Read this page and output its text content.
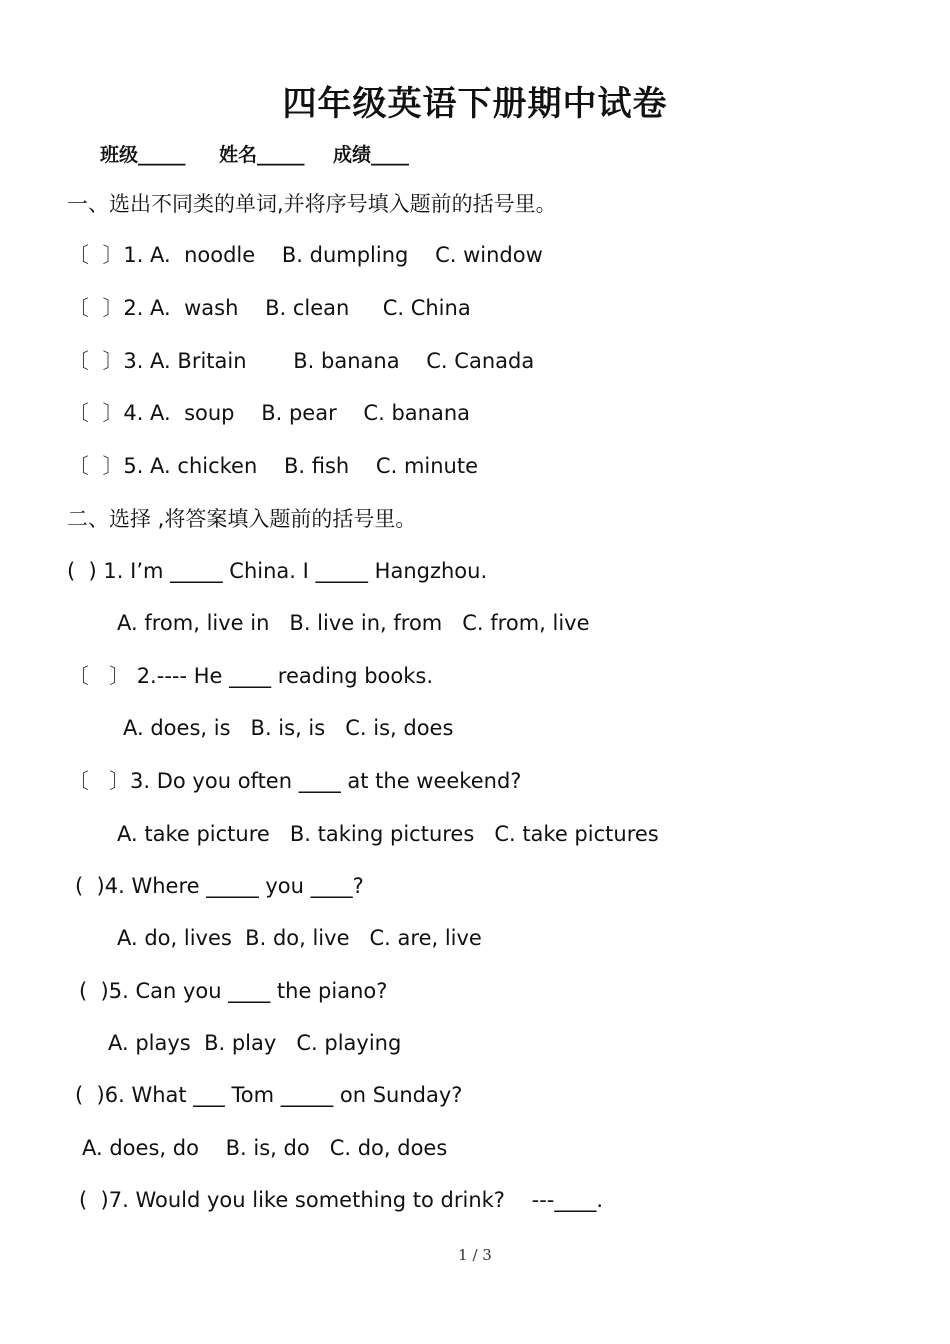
四年级英语下册期中试卷
班级_____ 姓名_____ 成绩____
一、选出不同类的单词,并将序号填入题前的括号里。
〔  〕1. A.  noodle    B. dumpling    C. window
〔  〕2. A.  wash    B. clean     C. China
〔  〕3. A. Britain       B. banana    C. Canada
〔  〕4. A.  soup    B. pear    C. banana
〔  〕5. A. chicken    B. fish    C. minute
二、选择 ,将答案填入题前的括号里。
(  ) 1. I’m _____ China. I _____ Hangzhou.
A. from, live in   B. live in, from   C. from, live
〔   〕 2.---- He ____ reading books.
A. does, is   B. is, is   C. is, does
〔   〕3. Do you often ____ at the weekend?
A. take picture   B. taking pictures   C. take pictures
(  )4. Where _____ you ____?
A. do, lives  B. do, live   C. are, live
(  )5. Can you ____ the piano?
A. plays  B. play   C. playing
(  )6. What ___ Tom _____ on Sunday?
A. does, do    B. is, do   C. do, does
(  )7. Would you like something to drink?    ---____.
1 / 3
